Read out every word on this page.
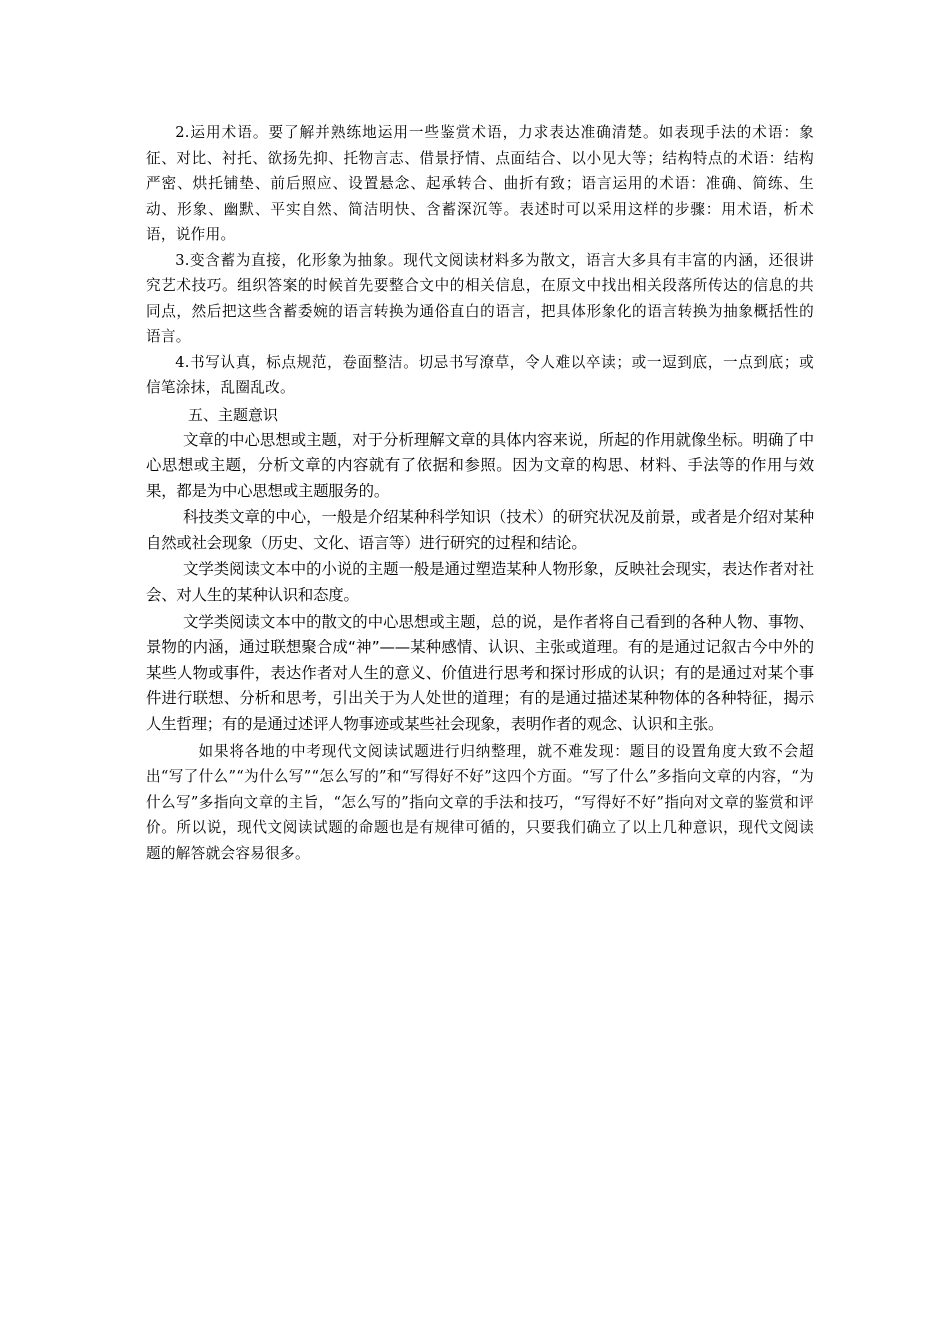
2.运用术语。要了解并熟练地运用一些鉴赏术语，力求表达准确清楚。如表现手法的术语：象征、对比、衬托、欲扬先抑、托物言志、借景抒情、点面结合、以小见大等；结构特点的术语：结构严密、烘托铺垫、前后照应、设置悬念、起承转合、曲折有致；语言运用的术语：准确、简练、生动、形象、幽默、平实自然、简洁明快、含蓄深沉等。表述时可以采用这样的步骤：用术语，析术语，说作用。

3.变含蓄为直接，化形象为抽象。现代文阅读材料多为散文，语言大多具有丰富的内涵，还很讲究艺术技巧。组织答案的时候首先要整合文中的相关信息，在原文中找出相关段落所传达的信息的共同点，然后把这些含蓄委婉的语言转换为通俗直白的语言，把具体形象化的语言转换为抽象概括性的语言。

4.书写认真，标点规范，卷面整洁。切忌书写潦草，令人难以卒读；或一逗到底，一点到底；或信笔涂抹，乱圈乱改。

五、主题意识

文章的中心思想或主题，对于分析理解文章的具体内容来说，所起的作用就像坐标。明确了中心思想或主题，分析文章的内容就有了依据和参照。因为文章的构思、材料、手法等的作用与效果，都是为中心思想或主题服务的。

科技类文章的中心，一般是介绍某种科学知识（技术）的研究状况及前景，或者是介绍对某种自然或社会现象（历史、文化、语言等）进行研究的过程和结论。

文学类阅读文本中的小说的主题一般是通过塑造某种人物形象，反映社会现实，表达作者对社会、对人生的某种认识和态度。

文学类阅读文本中的散文的中心思想或主题，总的说，是作者将自己看到的各种人物、事物、景物的内涵，通过联想聚合成“神”——某种感情、认识、主张或道理。有的是通过记叙古今中外的某些人物或事件，表达作者对人生的意义、价值进行思考和探讨形成的认识；有的是通过对某个事件进行联想、分析和思考，引出关于为人处世的道理；有的是通过描述某种物体的各种特征，揭示人生哲理；有的是通过述评人物事迹或某些社会现象，表明作者的观念、认识和主张。

如果将各地的中考现代文阅读试题进行归纳整理，就不难发现：题目的设置角度大致不会超出“写了什么”“为什么写”“怎么写的”和“写得好不好”这四个方面。“写了什么”多指向文章的内容，“为什么写”多指向文章的主旨，“怎么写的”指向文章的手法和技巧，“写得好不好”指向对文章的鉴赏和评价。所以说，现代文阅读试题的命题也是有规律可循的，只要我们确立了以上几种意识，现代文阅读题的解答就会容易很多。
